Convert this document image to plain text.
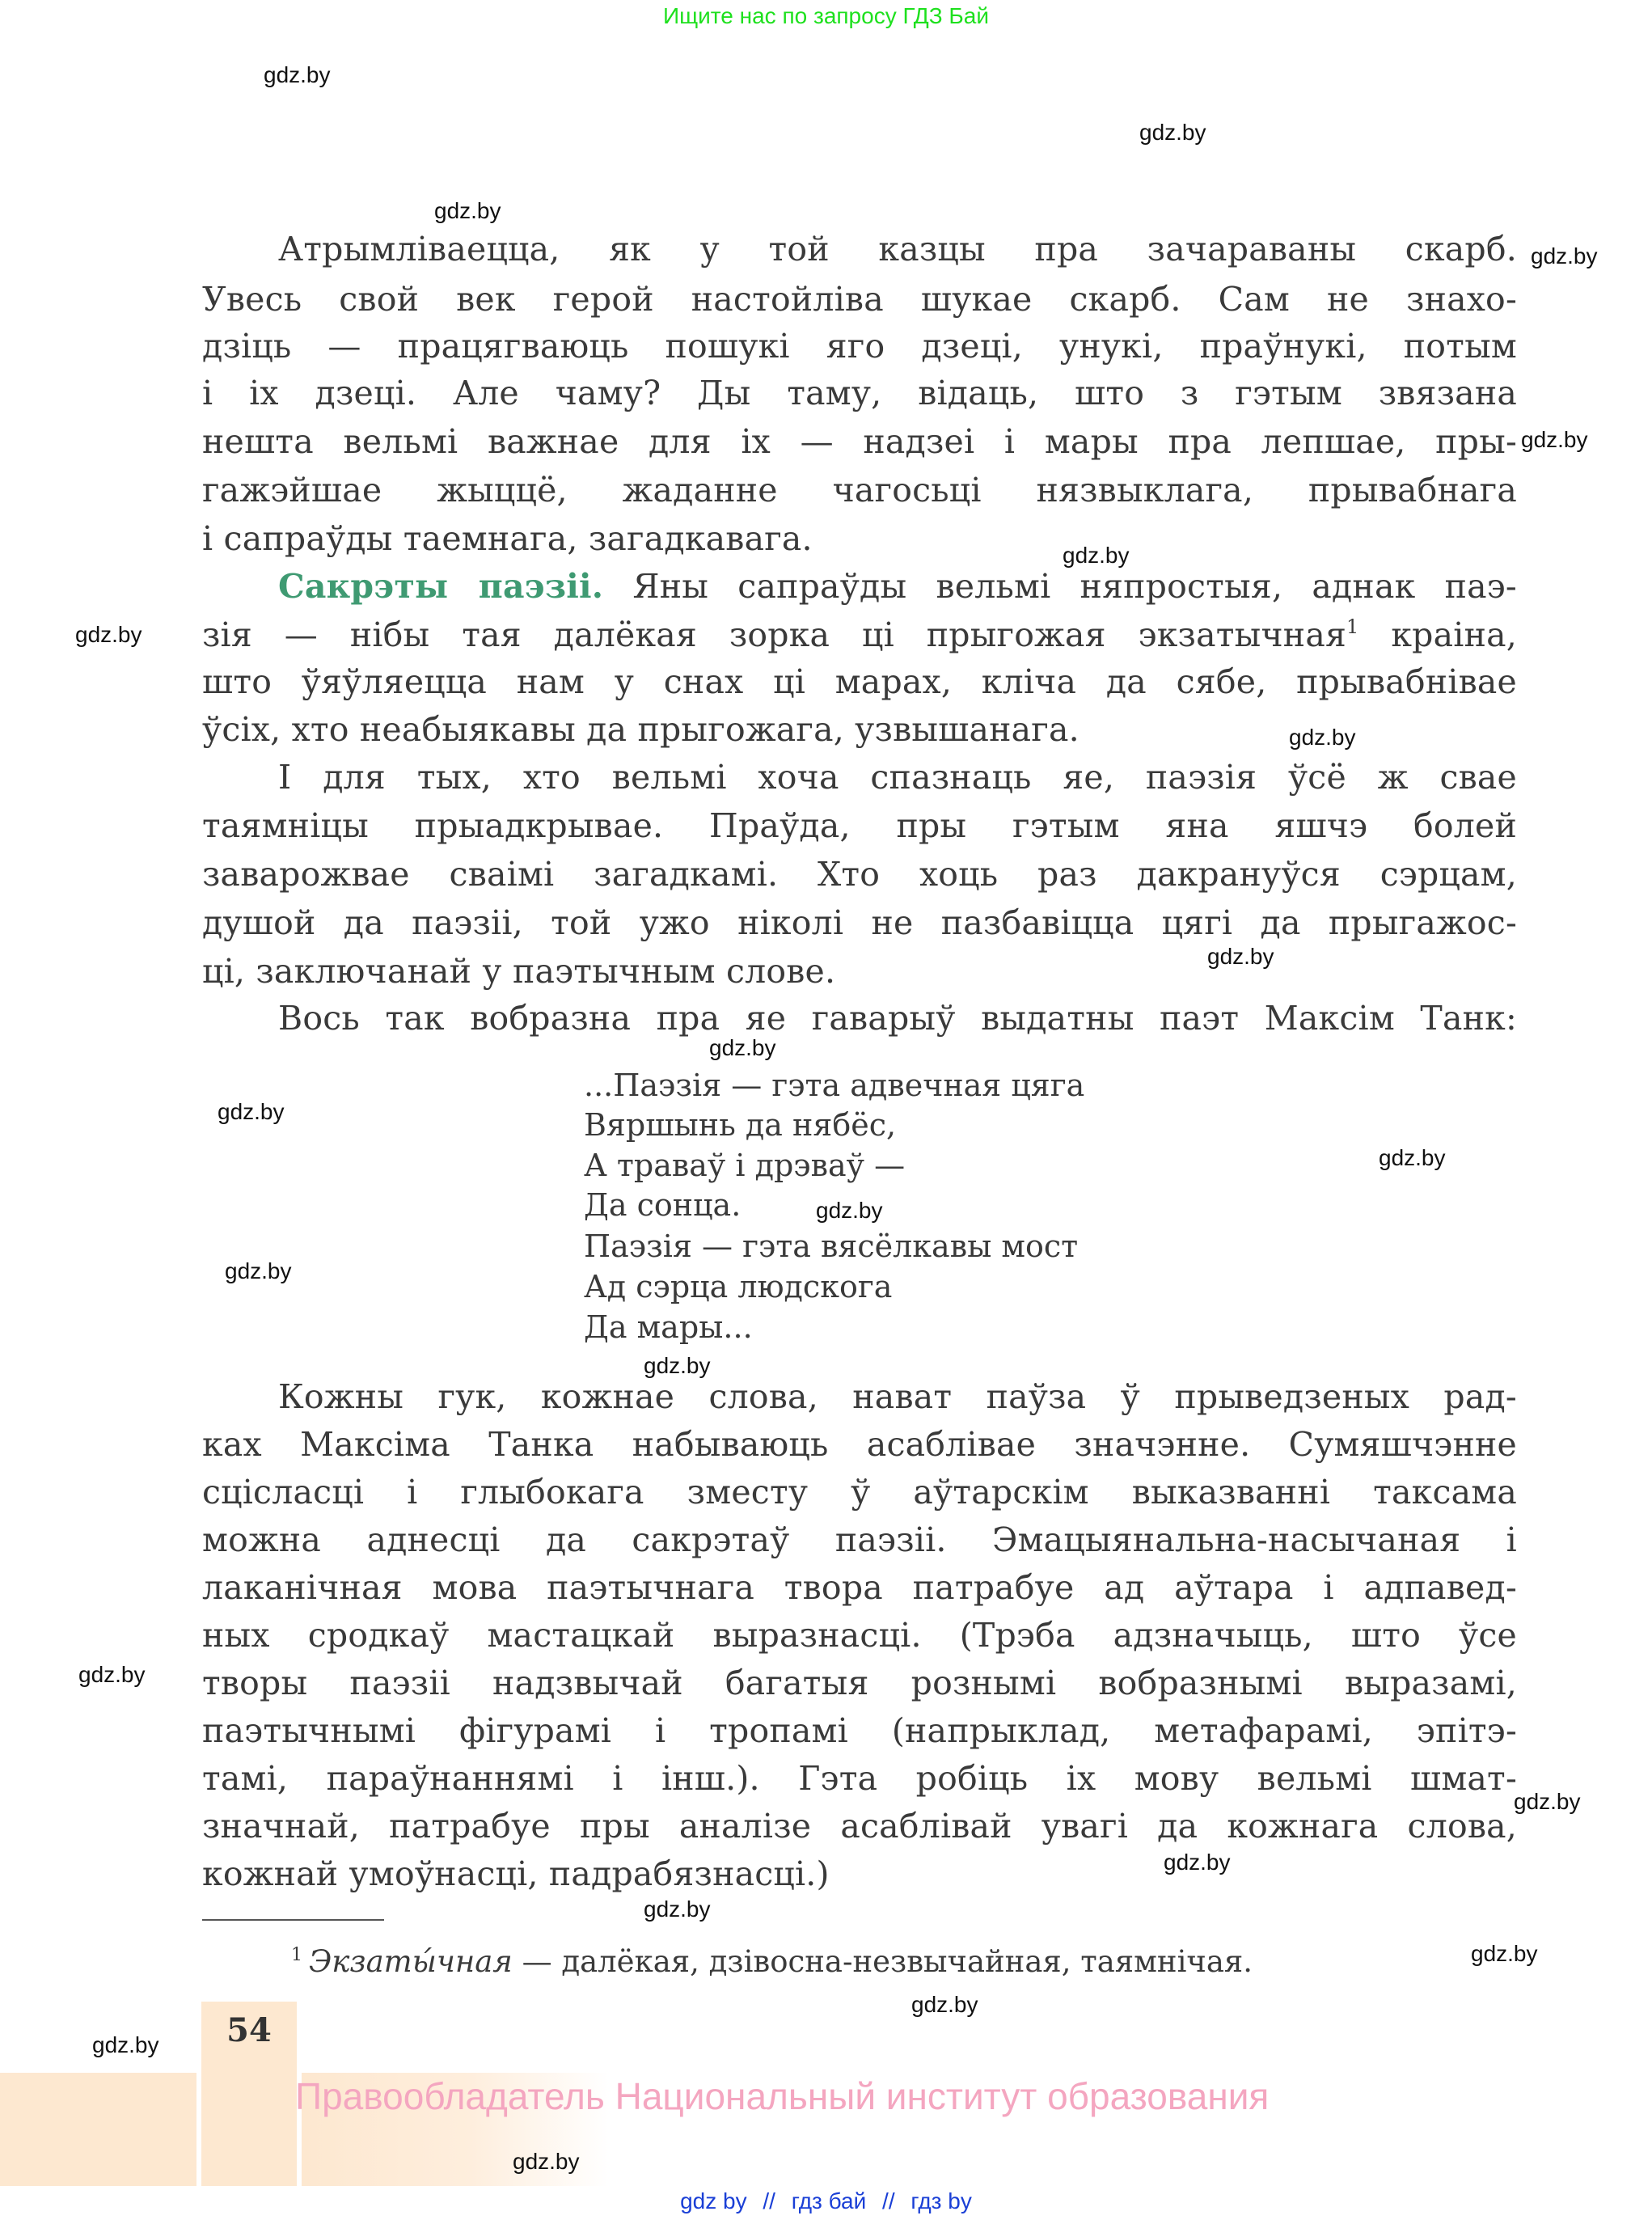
Ищите нас по запросу ГДЗ Бай
Атрымліваецца, як у той казцы пра зачараваны скарб.
Увесь свой век герой настойліва шукае скарб. Сам не знахо-
дзіць — працягваюць пошукі яго дзеці, унукі, праўнукі, потым
і іх дзеці. Але чаму? Ды таму, відаць, што з гэтым звязана
нешта вельмі важнае для іх — надзеі і мары пра лепшае, пры-
гажэйшае жыццё, жаданне чагосьці нязвыклага, прывабнага
і сапраўды таемнага, загадкавага.
Сакрэты паэзіі. Яны сапраўды вельмі няпростыя, аднак паэ-
зія — нібы тая далёкая зорка ці прыгожая экзатычная$^1$ краіна,
што ўяўляецца нам у снах ці марах, кліча да сябе, прывабнівае
ўсіх, хто неабыякавы да прыгожага, узвышанага.
І для тых, хто вельмі хоча спазнаць яе, паэзія ўсё ж свае
таямніцы прыадкрывае. Праўда, пры гэтым яна яшчэ болей
заварожвае сваімі загадкамі. Хто хоць раз дакрануўся сэрцам,
душой да паэзіі, той ужо ніколі не пазбавіцца цягі да прыгажос-
ці, заключанай у паэтычным слове.
Вось так вобразна пра яе гаварыў выдатны паэт Максім Танк:
Кожны гук, кожнае слова, нават паўза ў прыведзеных рад-
ках Максіма Танка набываюць асаблівае значэнне. Сумяшчэнне
сцісласці і глыбокага зместу ў аўтарскім выказванні таксама
можна аднесці да сакрэтаў паэзіі. Эмацыянальна-насычаная і
лаканічная мова паэтычнага твора патрабуе ад аўтара і адпавед-
ных сродкаў мастацкай выразнасці. (Трэба адзначыць, што ўсе
творы паэзіі надзвычай багатыя рознымі вобразнымі выразамі,
паэтычнымі фігурамі і тропамі (напрыклад, метафарамі, эпітэ-
тамі, параўнаннямі і інш.). Гэта робіць іх мову вельмі шмат-
значнай, патрабуе пры аналізе асаблівай увагі да кожнага слова,
кожнай умоўнасці, падрабязнасці.)
...Паэзія — гэта адвечная цяга
Вяршынь да нябёс,
А траваў і дрэваў —
Да сонца.
Паэзія — гэта вясёлкавы мост
Ад сэрца людскога
Да мары...
$^1$ Экзаты́чная — далёкая, дзівосна-незвычайная, таямнічая.
54
Правообладатель Национальный институт образования
gdz.by
gdz.by
gdz.by
gdz.by
gdz.by
gdz.by
gdz.by
gdz.by
gdz.by
gdz.by
gdz.by
gdz.by
gdz.by
gdz.by
gdz.by
gdz.by
gdz.by
gdz.by
gdz.by
gdz.by
gdz.by
gdz.by
gdz.by
gdz by // гдз бай // гдз by
